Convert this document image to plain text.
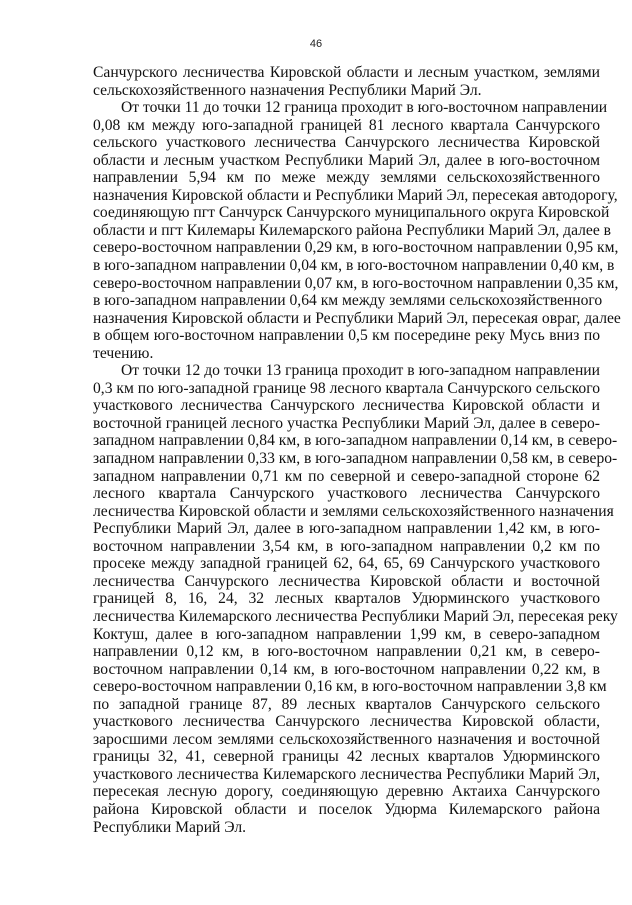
46
Санчурского лесничества Кировской области и лесным участком, землями
сельскохозяйственного назначения Республики Марий Эл.
От точки 11 до точки 12 граница проходит в юго-восточном направлении
0,08 км между юго-западной границей 81 лесного квартала Санчурского
сельского участкового лесничества Санчурского лесничества Кировской
области и лесным участком Республики Марий Эл, далее в юго-восточном
направлении 5,94 км по меже между землями сельскохозяйственного
назначения Кировской области и Республики Марий Эл, пересекая автодорогу,
соединяющую пгт Санчурск Санчурского муниципального округа Кировской
области и пгт Килемары Килемарского района Республики Марий Эл, далее в
северо-восточном направлении 0,29 км, в юго-восточном направлении 0,95 км,
в юго-западном направлении 0,04 км, в юго-восточном направлении 0,40 км, в
северо-восточном направлении 0,07 км, в юго-восточном направлении 0,35 км,
в юго-западном направлении 0,64 км между землями сельскохозяйственного
назначения Кировской области и Республики Марий Эл, пересекая овраг, далее
в общем юго-восточном направлении 0,5 км посередине реку Мусь вниз по
течению.
От точки 12 до точки 13 граница проходит в юго-западном направлении
0,3 км по юго-западной границе 98 лесного квартала Санчурского сельского
участкового лесничества Санчурского лесничества Кировской области и
восточной границей лесного участка Республики Марий Эл, далее в северо-
западном направлении 0,84 км, в юго-западном направлении 0,14 км, в северо-
западном направлении 0,33 км, в юго-западном направлении 0,58 км, в северо-
западном направлении 0,71 км по северной и северо-западной стороне 62
лесного квартала Санчурского участкового лесничества Санчурского
лесничества Кировской области и землями сельскохозяйственного назначения
Республики Марий Эл, далее в юго-западном направлении 1,42 км, в юго-
восточном направлении 3,54 км, в юго-западном направлении 0,2 км по
просеке между западной границей 62, 64, 65, 69 Санчурского участкового
лесничества Санчурского лесничества Кировской области и восточной
границей 8, 16, 24, 32 лесных кварталов Удюрминского участкового
лесничества Килемарского лесничества Республики Марий Эл, пересекая реку
Коктуш, далее в юго-западном направлении 1,99 км, в северо-западном
направлении 0,12 км, в юго-восточном направлении 0,21 км, в северо-
восточном направлении 0,14 км, в юго-восточном направлении 0,22 км, в
северо-восточном направлении 0,16 км, в юго-восточном направлении 3,8 км
по западной границе 87, 89 лесных кварталов Санчурского сельского
участкового лесничества Санчурского лесничества Кировской области,
заросшими лесом землями сельскохозяйственного назначения и восточной
границы 32, 41, северной границы 42 лесных кварталов Удюрминского
участкового лесничества Килемарского лесничества Республики Марий Эл,
пересекая лесную дорогу, соединяющую деревню Актаиха Санчурского
района Кировской области и поселок Удюрма Килемарского района
Республики Марий Эл.
